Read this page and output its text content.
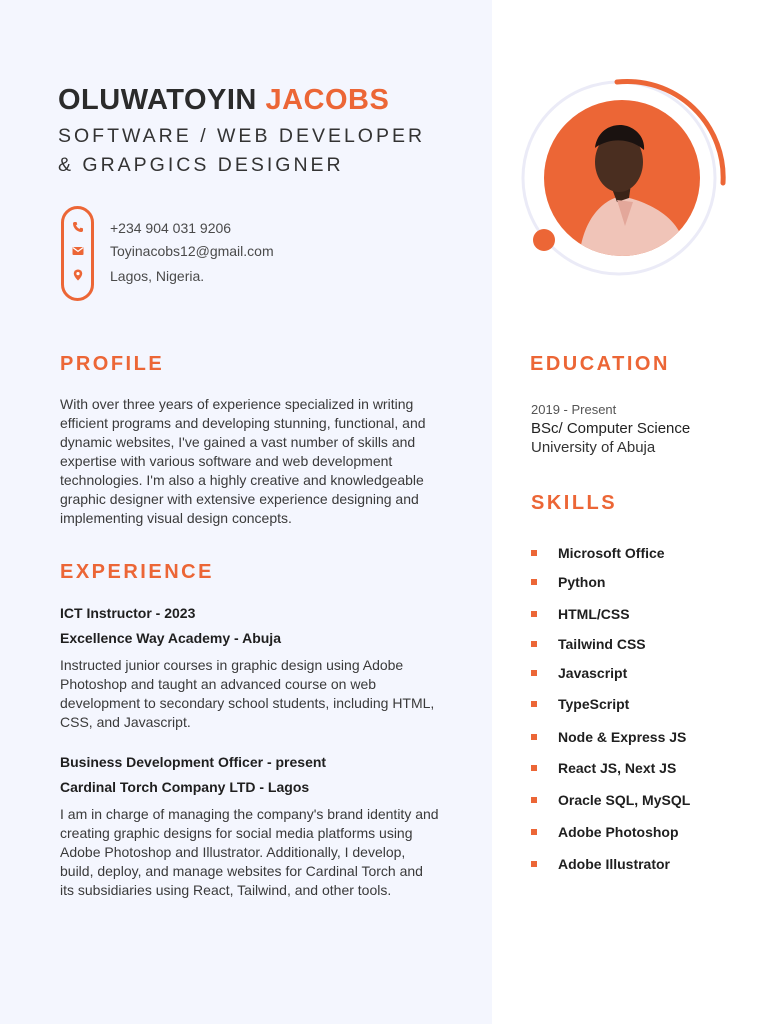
OLUWATOYIN JACOBS
SOFTWARE / WEB DEVELOPER
& GRAPGICS DESIGNER
+234 904 031 9206
Toyinacobs12@gmail.com
Lagos, Nigeria.
PROFILE
With over three years of experience specialized in writing efficient programs and developing stunning, functional, and dynamic websites, I've gained a vast number of skills and expertise with various software and web development technologies. I'm also a highly creative and knowledgeable graphic designer with extensive experience designing and implementing visual design concepts.
EXPERIENCE
ICT Instructor - 2023
Excellence Way Academy - Abuja
Instructed junior courses in graphic design using Adobe Photoshop and taught an advanced course on web development to secondary school students, including HTML, CSS, and Javascript.
Business Development Officer - present
Cardinal Torch Company LTD - Lagos
I am in charge of managing the company's brand identity and creating graphic designs for social media platforms using Adobe Photoshop and Illustrator. Additionally, I develop, build, deploy, and manage websites for Cardinal Torch and its subsidiaries using React, Tailwind, and other tools.
EDUCATION
2019 - Present
BSc/ Computer Science
University of Abuja
SKILLS
Microsoft Office
Python
HTML/CSS
Tailwind CSS
Javascript
TypeScript
Node & Express JS
React JS, Next JS
Oracle SQL, MySQL
Adobe Photoshop
Adobe Illustrator
